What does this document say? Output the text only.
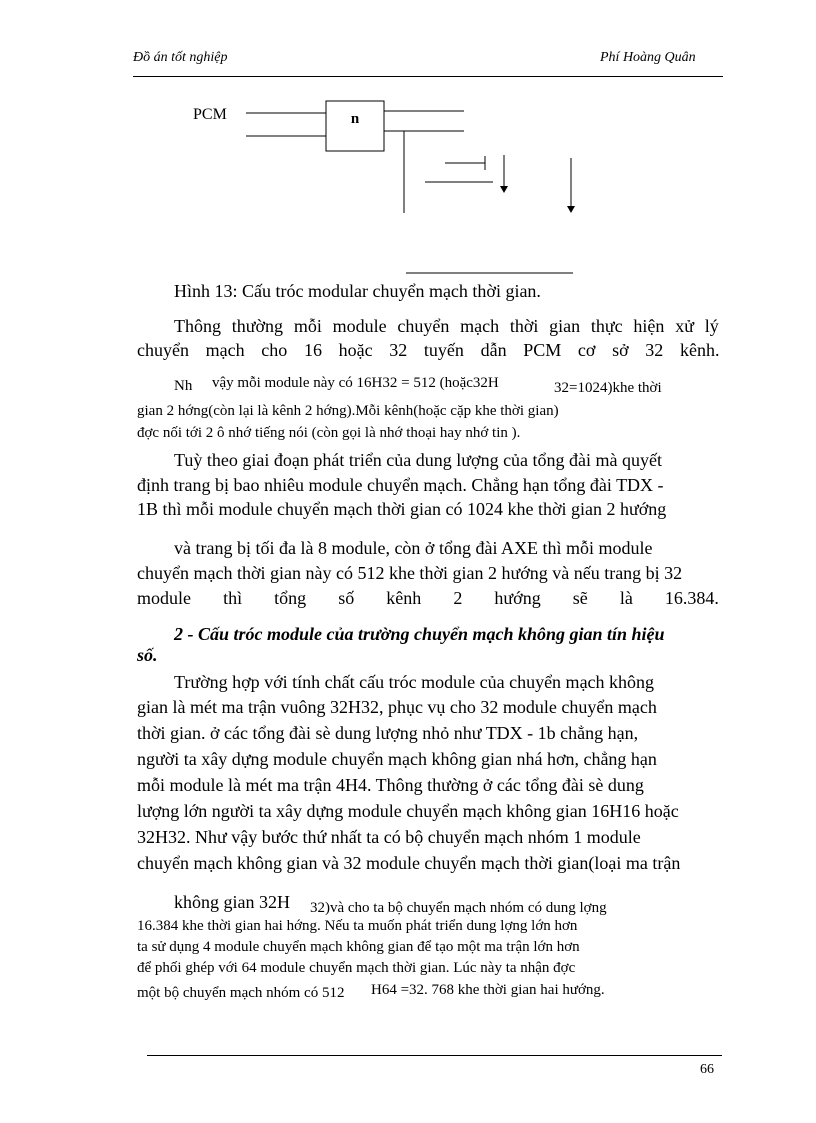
Đồ án tốt nghiệp	Phí Hoàng Quân
PCM	n
Hình 13: Cấu tróc modular chuyển mạch thời gian.
Thông thường mỗi module chuyển mạch thời gian thực hiện xử lý
chuyển mạch cho 16 hoặc 32 tuyến dẫn PCM cơ sở 32 kênh.
Nh vậy mỗi module này có 16H32 = 512 (hoặc32H	32=1024)khe thời
gian 2 hớng(còn lại là kênh 2 hớng).Mỗi kênh(hoặc cặp khe thời gian)
đợc nối tới 2 ô nhớ tiếng nói (còn gọi là nhớ thoại hay nhớ tin ).
Tuỳ theo giai đoạn phát triển của dung lượng của tổng đài mà quyết
định trang bị bao nhiêu module chuyển mạch. Chẳng hạn tổng đài TDX -
1B thì mỗi module chuyển mạch thời gian có 1024 khe thời gian 2 hướng
và trang bị tối đa là 8 module, còn ở tổng đài AXE thì mỗi module
chuyển mạch thời gian này có 512 khe thời gian 2 hướng và nếu trang bị 32
module thì tổng số kênh 2 hướng sẽ là 16.384.
2 - Cấu tróc module của trường chuyển mạch không gian tín hiệu
số.
Trường hợp với tính chất cấu tróc module của chuyển mạch không
gian là mét ma trận vuông 32H32, phục vụ cho 32 module chuyển mạch
thời gian. ở các tổng đài sè dung lượng nhỏ như TDX - 1b chẳng hạn,
người ta xây dựng module chuyển mạch không gian nhá hơn, chẳng hạn
mỗi module là mét ma trận 4H4. Thông thường ở các tổng đài sè dung
lượng lớn người ta xây dựng module chuyển mạch không gian 16H16 hoặc
32H32. Như vậy bước thứ nhất ta có bộ chuyển mạch nhóm 1 module
chuyển mạch không gian và 32 module chuyển mạch thời gian(loại ma trận
không gian 32H 32)và cho ta bộ chuyển mạch nhóm có dung lợng
16.384 khe thời gian hai hớng. Nếu ta muốn phát triển dung lợng lớn hơn
ta sử dụng 4 module chuyển mạch không gian để tạo một ma trận lớn hơn
để phối ghép với 64 module chuyển mạch thời gian. Lúc này ta nhận đợc
một bộ chuyển mạch nhóm có 512 H64 =32. 768 khe thời gian hai hướng.
66
